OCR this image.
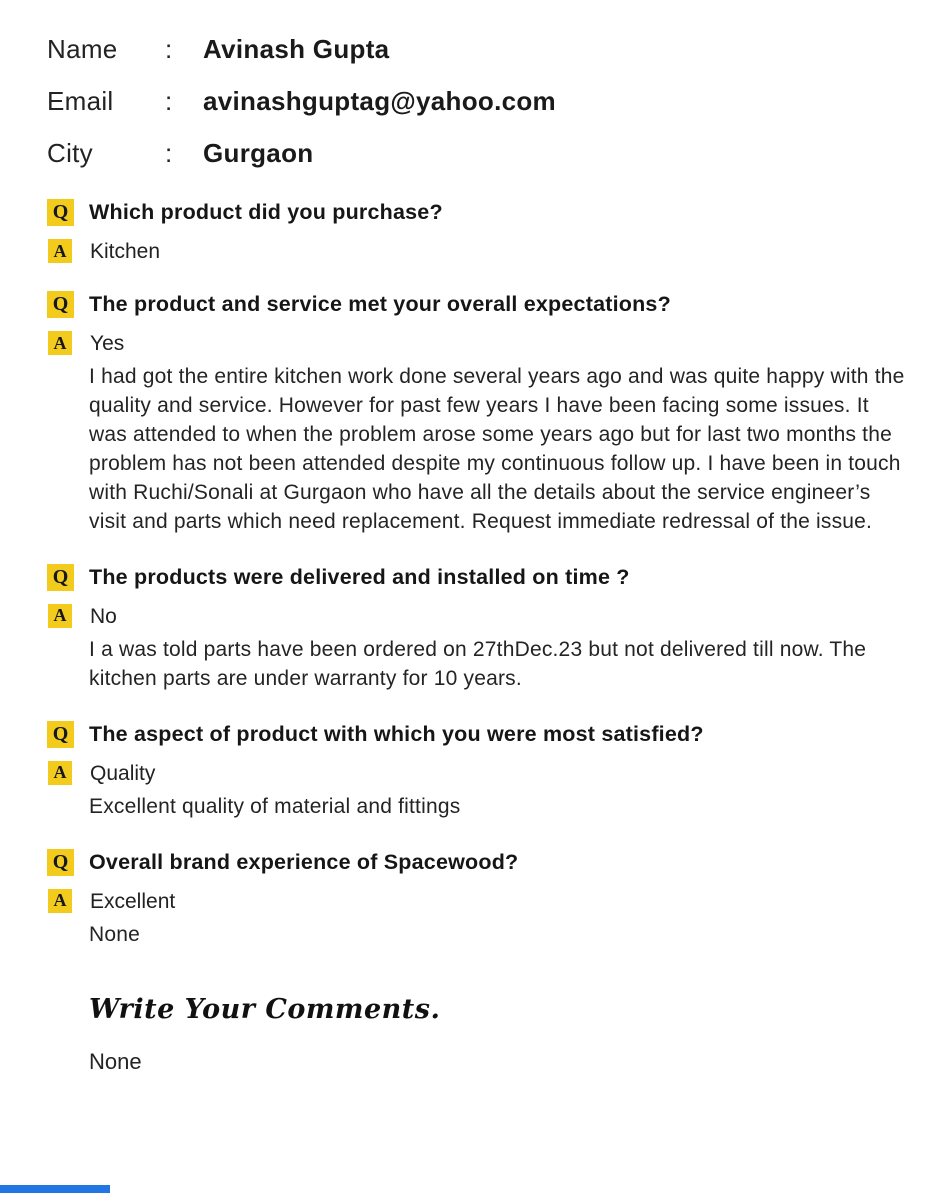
Name	:	Avinash Gupta
Email	:	avinashguptag@yahoo.com
City	:	Gurgaon
Q Which product did you purchase?
A Kitchen
Q The product and service met your overall expectations?
A Yes

I had got the entire kitchen work done several years ago and was quite happy with the quality and service. However for past few years I have been facing some issues. It was attended to when the problem arose some years ago but for last two months the problem has not been attended despite my continuous follow up. I have been in touch with Ruchi/Sonali at Gurgaon who have all the details about the service engineer’s visit and parts which need replacement. Request immediate redressal of the issue.

Q The products were delivered and installed on time ?
A No

I a was told parts have been ordered on 27thDec.23 but not delivered till now. The kitchen parts are under warranty for 10 years.

Q The aspect of product with which you were most satisfied?
A Quality

Excellent quality of material and fittings

Q Overall brand experience of Spacewood?
A Excellent

None

Write Your Comments.
None
